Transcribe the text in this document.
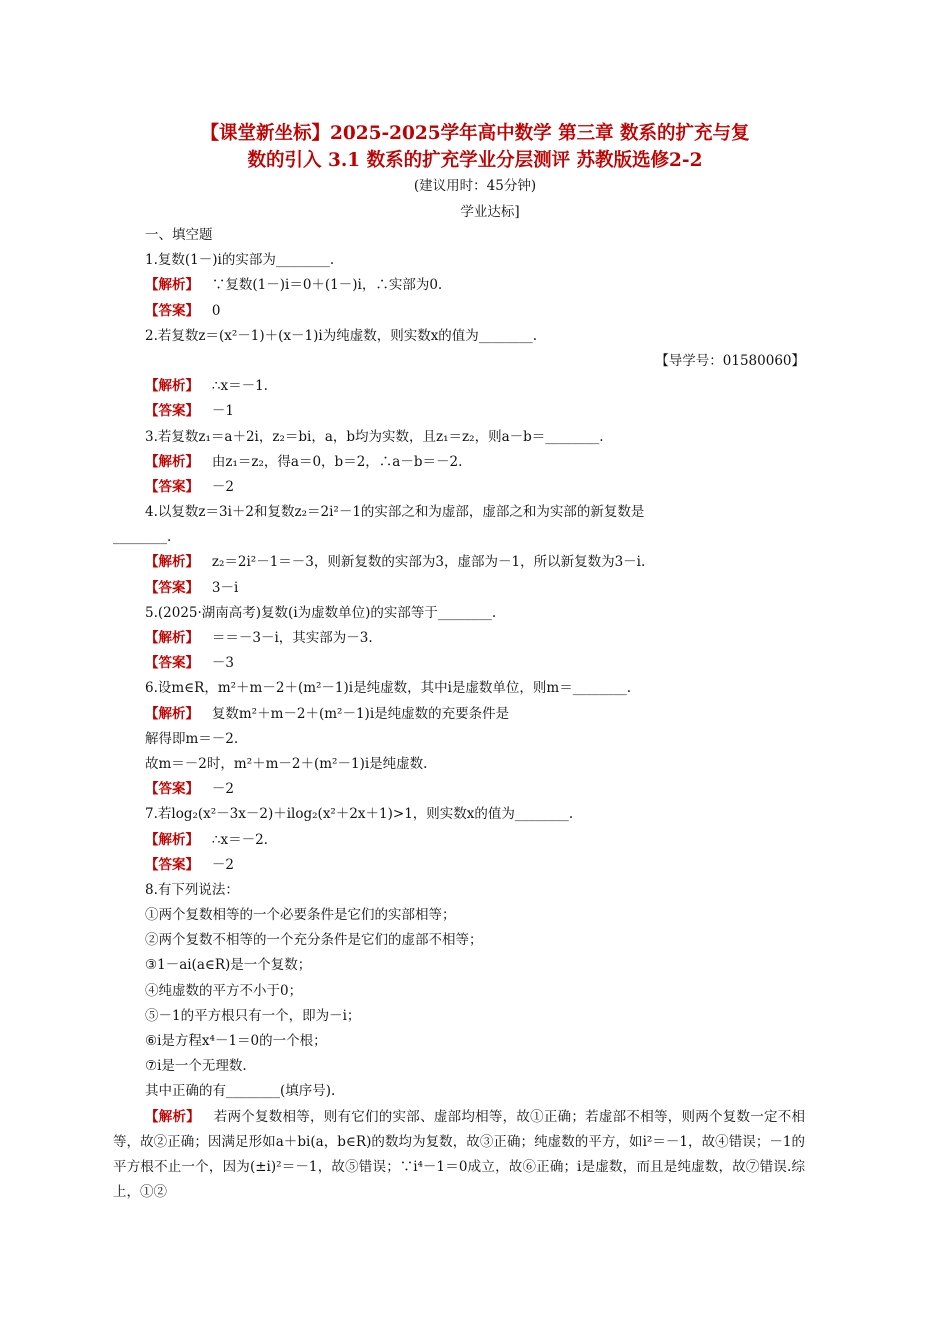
【课堂新坐标】2025-2025学年高中数学 第三章 数系的扩充与复
数的引入 3.1 数系的扩充学业分层测评 苏教版选修2-2
(建议用时：45分钟)
学业达标]
一、填空题
1.复数(1－)i的实部为________.
【解析】 ∵复数(1－)i＝0＋(1－)i，∴实部为0.
【答案】 0
2.若复数z＝(x²－1)＋(x－1)i为纯虚数，则实数x的值为________.
【导学号：01580060】
【解析】 ∴x＝－1.
【答案】 －1
3.若复数z₁＝a＋2i，z₂＝bi，a，b均为实数，且z₁＝z₂，则a－b＝________.
【解析】 由z₁＝z₂，得a＝0，b＝2，∴a－b＝－2.
【答案】 －2
4.以复数z＝3i＋2和复数z₂＝2i²－1的实部之和为虚部，虚部之和为实部的新复数是
________.
【解析】 z₂＝2i²－1＝－3，则新复数的实部为3，虚部为－1，所以新复数为3－i.
【答案】 3－i
5.(2025·湖南高考)复数(i为虚数单位)的实部等于________.
【解析】 ＝＝－3－i，其实部为－3.
【答案】 －3
6.设m∈R，m²＋m－2＋(m²－1)i是纯虚数，其中i是虚数单位，则m＝________.
【解析】 复数m²＋m－2＋(m²－1)i是纯虚数的充要条件是
解得即m＝－2.
故m＝－2时，m²＋m－2＋(m²－1)i是纯虚数.
【答案】 －2
7.若log₂(x²－3x－2)＋ilog₂(x²＋2x＋1)>1，则实数x的值为________.
【解析】 ∴x＝－2.
【答案】 －2
8.有下列说法：
①两个复数相等的一个必要条件是它们的实部相等；
②两个复数不相等的一个充分条件是它们的虚部不相等；
③1－ai(a∈R)是一个复数；
④纯虚数的平方不小于0；
⑤－1的平方根只有一个，即为－i；
⑥i是方程x⁴－1＝0的一个根；
⑦i是一个无理数.
其中正确的有________(填序号).
【解析】 若两个复数相等，则有它们的实部、虚部均相等，故①正确；若虚部不相等，则两个复数一定不相等，故②正确；因满足形如a＋bi(a，b∈R)的数均为复数，故③正确；纯虚数的平方，如i²＝－1，故④错误；－1的平方根不止一个，因为(±i)²＝－1，故⑤错误；∵i⁴－1＝0成立，故⑥正确；i是虚数，而且是纯虚数，故⑦错误.综上，①②
